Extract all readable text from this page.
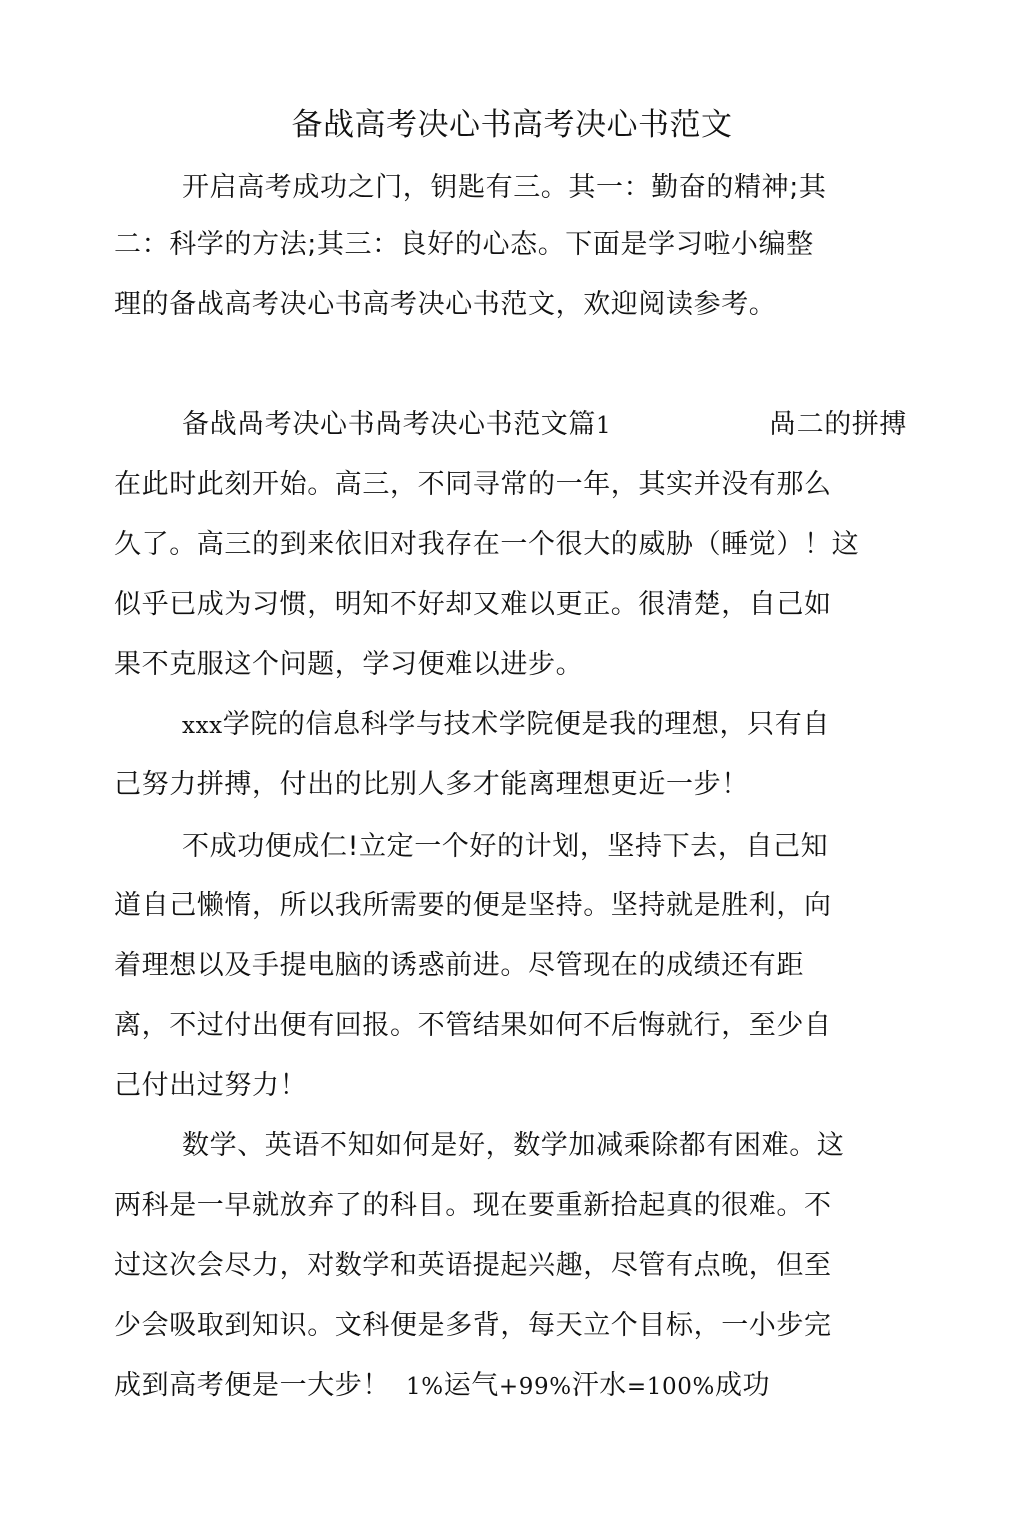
备战高考决心书高考决心书范文
开启高考成功之门，钥匙有三。其一：勤奋的精神;其
二：科学的方法;其三：良好的心态。下面是学习啦小编整
理的备战高考决心书高考决心书范文，欢迎阅读参考。
备战咼考决心书咼考决心书范文篇1	咼二的拼搏
在此时此刻开始。高三，不同寻常的一年，其实并没有那么
久了。高三的到来依旧对我存在一个很大的威胁（睡觉）！这
似乎已成为习惯，明知不好却又难以更正。很清楚，自己如
果不克服这个问题，学习便难以进步。
xxx学院的信息科学与技术学院便是我的理想，只有自
己努力拼搏，付出的比别人多才能离理想更近一步！
不成功便成仁!立定一个好的计划，坚持下去，自己知
道自己懒惰，所以我所需要的便是坚持。坚持就是胜利，向
着理想以及手提电脑的诱惑前进。尽管现在的成绩还有距
离，不过付出便有回报。不管结果如何不后悔就行，至少自
己付出过努力！
数学、英语不知如何是好，数学加减乘除都有困难。这
两科是一早就放弃了的科目。现在要重新拾起真的很难。不
过这次会尽力，对数学和英语提起兴趣，尽管有点晚，但至
少会吸取到知识。文科便是多背，每天立个目标，一小步完
成到高考便是一大步！ 1%运气+99%汗水=100%成功
